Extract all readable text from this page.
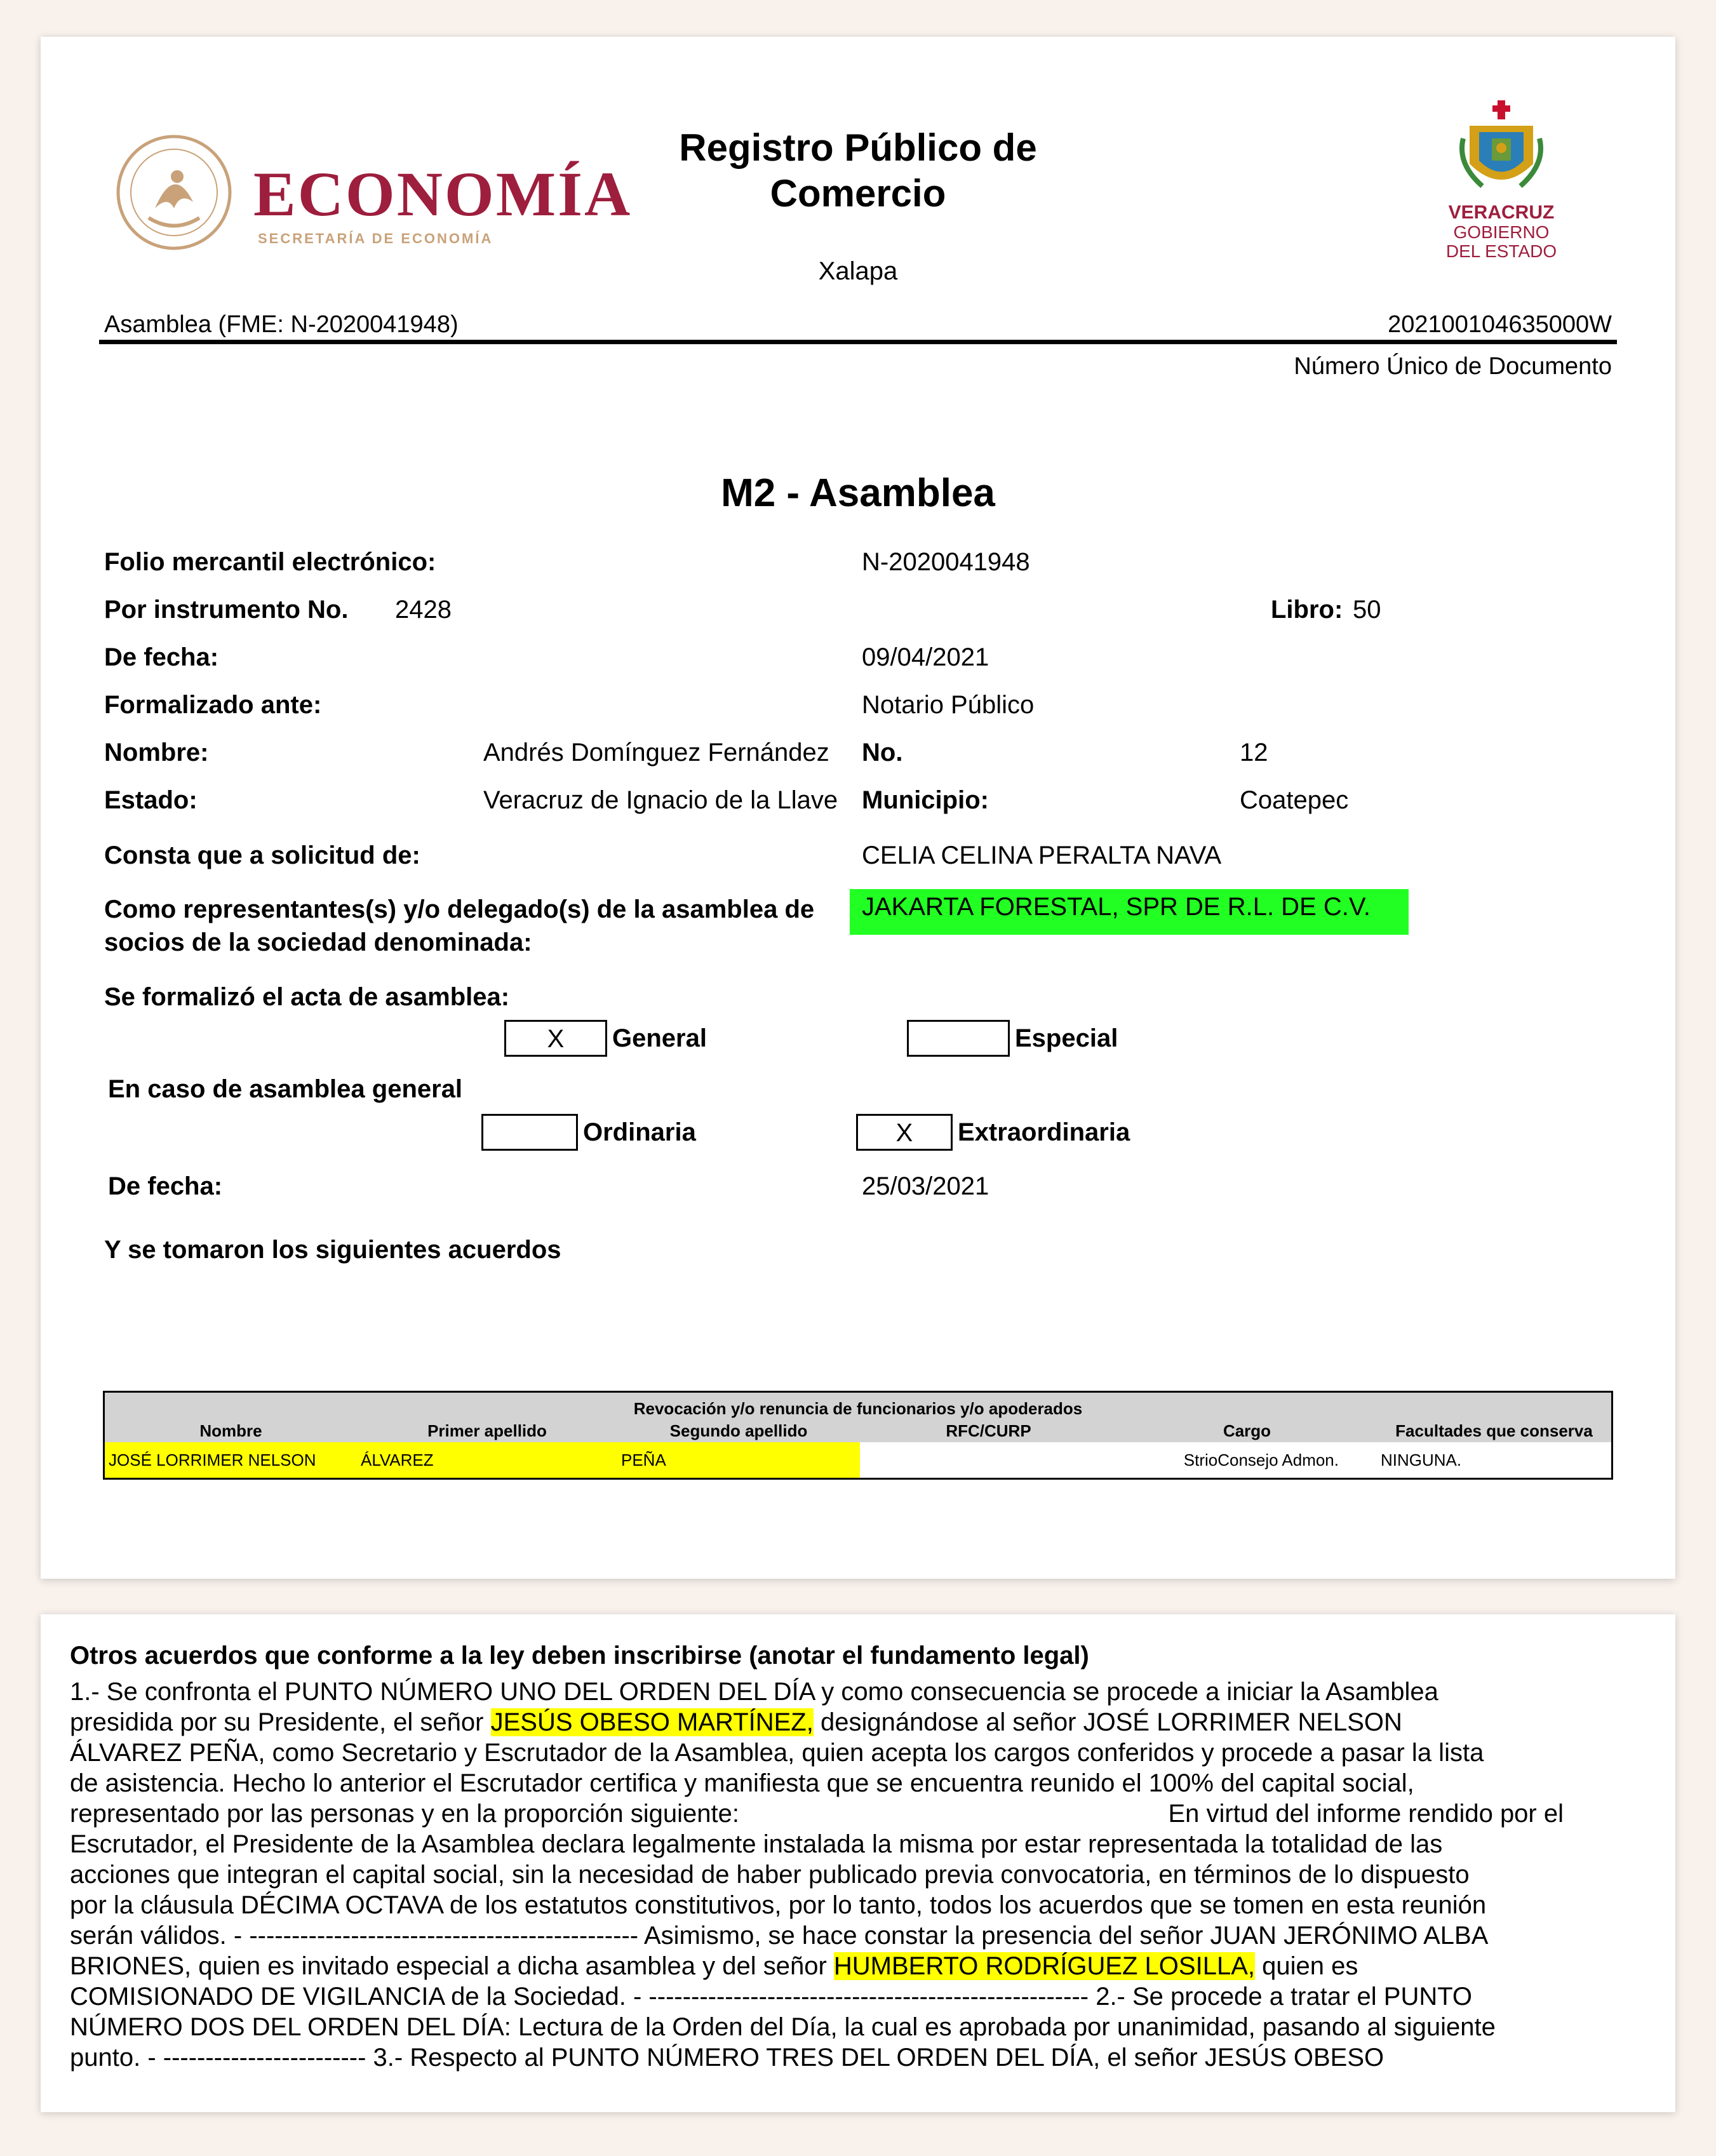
ECONOMÍA
SECRETARÍA DE ECONOMÍA
Registro Público de
Comercio
Xalapa
VERACRUZ
GOBIERNO
DEL ESTADO
Asamblea (FME: N-2020041948)	202100104635000W
Número Único de Documento
M2 - Asamblea
Folio mercantil electrónico:	N-2020041948
Por instrumento No. 2428	Libro: 50
De fecha:	09/04/2021
Formalizado ante:	Notario Público
Nombre:	Andrés Domínguez Fernández No.	12
Estado:	Veracruz de Ignacio de la Llave Municipio:	Coatepec
Consta que a solicitud de:	CELIA CELINA PERALTA NAVA
Como representantes(s) y/o delegado(s) de la asamblea de
socios de la sociedad denominada:
JAKARTA FORESTAL, SPR DE R.L. DE C.V.
Se formalizó el acta de asamblea:
X	General	Especial
En caso de asamblea general
Ordinaria	X	Extraordinaria
De fecha:	25/03/2021
Y se tomaron los siguientes acuerdos
Revocación y/o renuncia de funcionarios y/o apoderados					
Nombre	Primer apellido	Segundo apellido	RFC/CURP	Cargo	Facultades que conserva
JOSÉ LORRIMER NELSON	ÁLVAREZ	PEÑA		StrioConsejo Admon.	NINGUNA.
Otros acuerdos que conforme a la ley deben inscribirse (anotar el fundamento legal)
1.- Se confronta el PUNTO NÚMERO UNO DEL ORDEN DEL DÍA y como consecuencia se procede a iniciar la Asamblea
presidida por su Presidente, el señor JESÚS OBESO MARTÍNEZ, designándose al señor JOSÉ LORRIMER NELSON
ÁLVAREZ PEÑA, como Secretario y Escrutador de la Asamblea, quien acepta los cargos conferidos y procede a pasar la lista
de asistencia. Hecho lo anterior el Escrutador certifica y manifiesta que se encuentra reunido el 100% del capital social,
representado por las personas y en la proporción siguiente:	En virtud del informe rendido por el
Escrutador, el Presidente de la Asamblea declara legalmente instalada la misma por estar representada la totalidad de las
acciones que integran el capital social, sin la necesidad de haber publicado previa convocatoria, en términos de lo dispuesto
por la cláusula DÉCIMA OCTAVA de los estatutos constitutivos, por lo tanto, todos los acuerdos que se tomen en esta reunión
serán válidos. - ---------------------------------------------- Asimismo, se hace constar la presencia del señor JUAN JERÓNIMO ALBA
BRIONES, quien es invitado especial a dicha asamblea y del señor HUMBERTO RODRÍGUEZ LOSILLA, quien es
COMISIONADO DE VIGILANCIA de la Sociedad. - ---------------------------------------------------- 2.- Se procede a tratar el PUNTO
NÚMERO DOS DEL ORDEN DEL DÍA: Lectura de la Orden del Día, la cual es aprobada por unanimidad, pasando al siguiente
punto. - ------------------------ 3.- Respecto al PUNTO NÚMERO TRES DEL ORDEN DEL DÍA, el señor JESÚS OBESO
